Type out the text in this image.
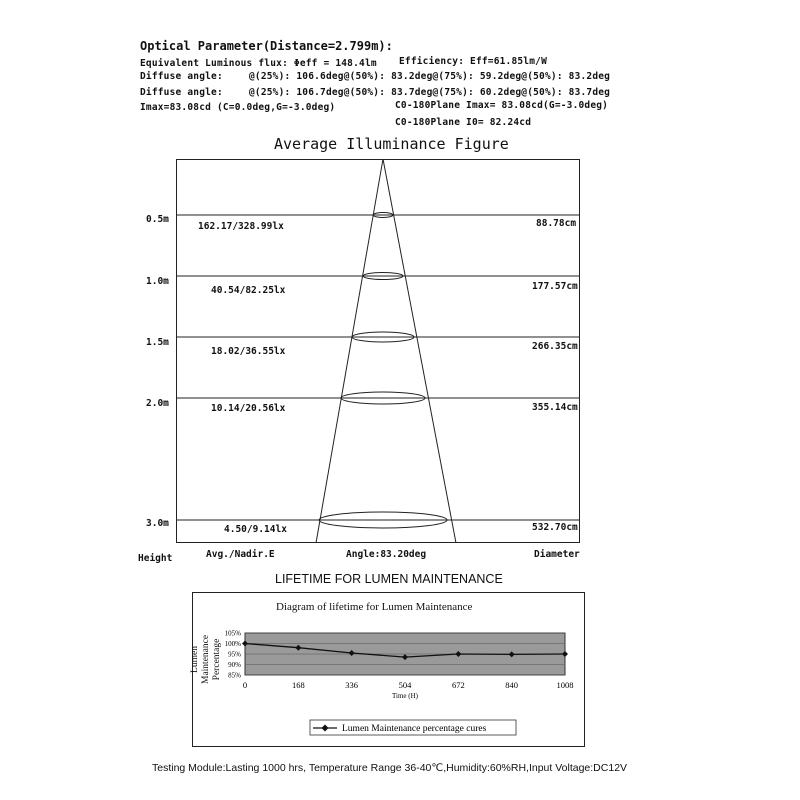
Optical Parameter(Distance=2.799m):
Equivalent Luminous flux: Φeff = 148.4lm Efficiency: Eff=61.85lm/W
Diffuse angle:	@(25%): 106.6deg@(50%): 83.2deg@(75%): 59.2deg@(50%): 83.2deg
Diffuse angle:	@(25%): 106.7deg@(50%): 83.7deg@(75%): 60.2deg@(50%): 83.7deg
Imax=83.08cd (C=0.0deg,G=-3.0deg)	C0-180Plane Imax= 83.08cd(G=-3.0deg)
C0-180Plane I0= 82.24cd
Average Illuminance Figure
0.5m
162.17/328.99lx	88.78cm
1.0m
40.54/82.25lx	177.57cm
1.5m
18.02/36.55lx	266.35cm
2.0m	10.14/20.56lx	355.14cm
3.0m
4.50/9.14lx	532.70cm
Height	Avg./Nadir.E	Angle:83.20deg	Diameter
LIFETIME FOR LUMEN MAINTENANCE
Diagram of lifetime for Lumen Maintenance
Lumen Maintenance Percentage 85%
90%
95%
100%
105%
0	168	336	504	672	840	1008
Time (H)
Lumen Maintenance percentage cures
Testing Module:Lasting 1000 hrs, Temperature Range 36-40℃,Humidity:60%RH,Input Voltage:DC12V
